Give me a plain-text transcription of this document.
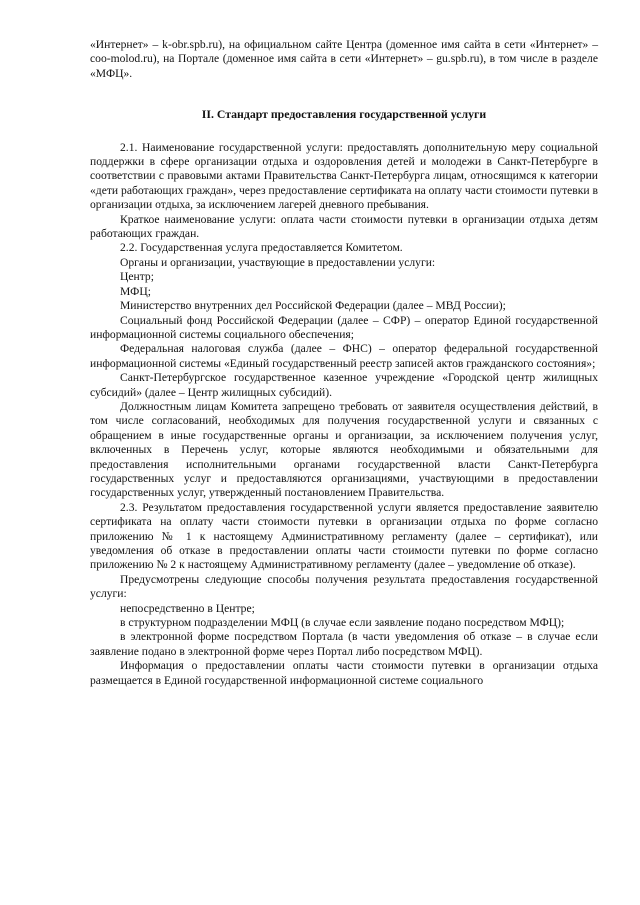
«Интернет» – k-obr.spb.ru), на официальном сайте Центра (доменное имя сайта в сети «Интернет» – coo-molod.ru), на Портале (доменное имя сайта в сети «Интернет» – gu.spb.ru), в том числе в разделе «МФЦ».

II. Стандарт предоставления государственной услуги

2.1. Наименование государственной услуги: предоставлять дополнительную меру социальной поддержки в сфере организации отдыха и оздоровления детей и молодежи в Санкт-Петербурге в соответствии с правовыми актами Правительства Санкт-Петербурга лицам, относящимся к категории «дети работающих граждан», через предоставление сертификата на оплату части стоимости путевки в организации отдыха, за исключением лагерей дневного пребывания.

Краткое наименование услуги: оплата части стоимости путевки в организации отдыха детям работающих граждан.

2.2. Государственная услуга предоставляется Комитетом.

Органы и организации, участвующие в предоставлении услуги:

Центр;

МФЦ;

Министерство внутренних дел Российской Федерации (далее – МВД России);

Социальный фонд Российской Федерации (далее – СФР) – оператор Единой государственной информационной системы социального обеспечения;

Федеральная налоговая служба (далее – ФНС) – оператор федеральной государственной информационной системы «Единый государственный реестр записей актов гражданского состояния»;

Санкт-Петербургское государственное казенное учреждение «Городской центр жилищных субсидий» (далее – Центр жилищных субсидий).

Должностным лицам Комитета запрещено требовать от заявителя осуществления действий, в том числе согласований, необходимых для получения государственной услуги и связанных с обращением в иные государственные органы и организации, за исключением получения услуг, включенных в Перечень услуг, которые являются необходимыми и обязательными для предоставления исполнительными органами государственной власти Санкт-Петербурга государственных услуг и предоставляются организациями, участвующими в предоставлении государственных услуг, утвержденный постановлением Правительства.

2.3. Результатом предоставления государственной услуги является предоставление заявителю сертификата на оплату части стоимости путевки в организации отдыха по форме согласно приложению № 1 к настоящему Административному регламенту (далее – сертификат), или уведомления об отказе в предоставлении оплаты части стоимости путевки по форме согласно приложению № 2 к настоящему Административному регламенту (далее – уведомление об отказе).

Предусмотрены следующие способы получения результата предоставления государственной услуги:

непосредственно в Центре;

в структурном подразделении МФЦ (в случае если заявление подано посредством МФЦ);

в электронной форме посредством Портала (в части уведомления об отказе – в случае если заявление подано в электронной форме через Портал либо посредством МФЦ).

Информация о предоставлении оплаты части стоимости путевки в организации отдыха размещается в Единой государственной информационной системе социального
